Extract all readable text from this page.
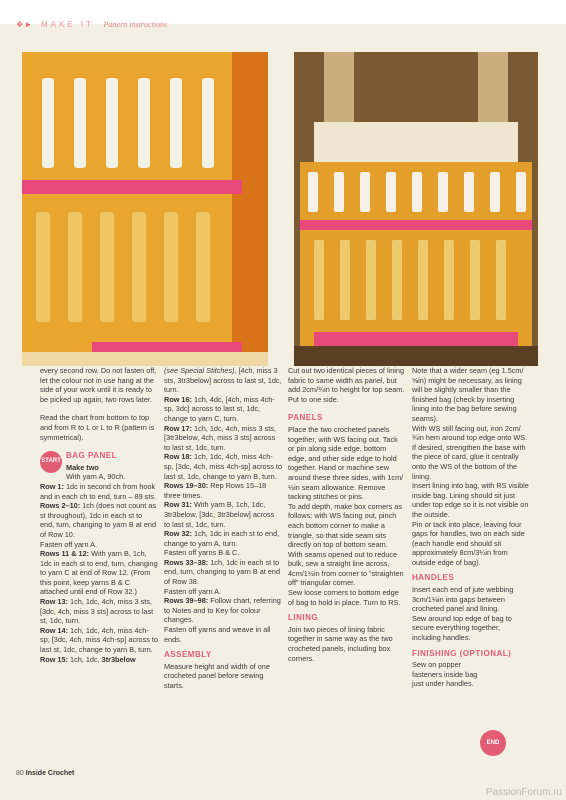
❖► MAKE IT Pattern instructions

every second row. Do not fasten off, let the colour not in use hang at the side of your work until it is ready to be picked up again, two rows later.

Read the chart from bottom to top and from R to L or L to R (pattern is symmetrical).

START
BAG PANEL
Make two
With yarn A, 90ch.
Row 1: 1dc in second ch from hook and in each ch to end, turn – 89 sts.
Rows 2–10: 1ch (does not count as st throughout), 1dc in each st to end, turn, changing to yarn B at end of Row 10.
Fasten off yarn A.
Rows 11 & 12: With yarn B, 1ch, 1dc in each st to end, turn, changing to yarn C at end of Row 12. (From this point, keep yarns B & C attached until end of Row 32.)
Row 13: 1ch, 1dc, 4ch, miss 3 sts, [3dc, 4ch, miss 3 sts] across to last st, 1dc, turn.
Row 14: 1ch, 1dc, 4ch, miss 4ch-sp, [3dc, 4ch, miss 4ch-sp] across to last st, 1dc, change to yarn B, turn.
Row 15: 1ch, 1dc, 3tr3below
(see Special Stitches), [4ch, miss 3 sts, 3tr3below] across to last st, 1dc, turn.
Row 16: 1ch, 4dc, [4ch, miss 4ch-sp, 3dc] across to last st, 1dc, change to yarn C, turn.
Row 17: 1ch, 1dc, 4ch, miss 3 sts, [3tr3below, 4ch, miss 3 sts] across to last st, 1dc, turn.
Row 18: 1ch, 1dc, 4ch, miss 4ch-sp, [3dc, 4ch, miss 4ch-sp] across to last st, 1dc, change to yarn B, turn.
Rows 19–30: Rep Rows 15–18 three times.
Row 31: With yarn B, 1ch, 1dc, 3tr3below, [3dc, 3tr3below] across to last st, 1dc, turn.
Row 32: 1ch, 1dc in each st to end, change to yarn A, turn.
Fasten off yarns B & C.
Rows 33–38: 1ch, 1dc in each st to end, turn, changing to yarn B at end of Row 38.
Fasten off yarn A.
Rows 39–98: Follow chart, referring to Notes and to Key for colour changes.
Fasten off yarns and weave in all ends.
ASSEMBLY
Measure height and width of one crocheted panel before sewing starts.

Cut out two identical pieces of lining fabric to same width as panel, but add 2cm/¾in to height for top seam. Put to one side.

PANELS
Place the two crocheted panels together, with WS facing out. Tack or pin along side edge, bottom edge, and other side edge to hold together. Hand or machine sew around these three sides, with 1cm/½in seam allowance. Remove tacking stitches or pins.
To add depth, make box corners as follows: with WS facing out, pinch each bottom corner to make a triangle, so that side seam sits directly on top of bottom seam.
With seams opened out to reduce bulk, sew a straight line across, 4cm/1½in from corner to “straighten off” triangular corner.
Sew loose corners to bottom edge of bag to hold in place. Turn to RS.
LINING
Join two pieces of lining fabric together in same way as the two crocheted panels, including box corners.
Note that a wider seam (eg 1.5cm/⅝in) might be necessary, as lining will be slightly smaller than the finished bag (check by inserting lining into the bag before sewing seams).
With WS still facing out, iron 2cm/¾in hem around top edge onto WS. If desired, strengthen the base with the piece of card, glue it centrally onto the WS of the bottom of the lining.
Insert lining into bag, with RS visible inside bag. Lining should sit just under top edge so it is not visible on the outside.
Pin or tack into place, leaving four gaps for handles, two on each side (each handle end should sit approximately 8cm/3¼in from outside edge of bag).
HANDLES
Insert each end of jute webbing 3cm/1⅛in into gaps between crocheted panel and lining.
Sew around top edge of bag to secure everything together, including handles.
FINISHING (OPTIONAL)
Sew on popper fasteners inside bag just under handles.
END
80 Inside Crochet
PassionForum.ru
